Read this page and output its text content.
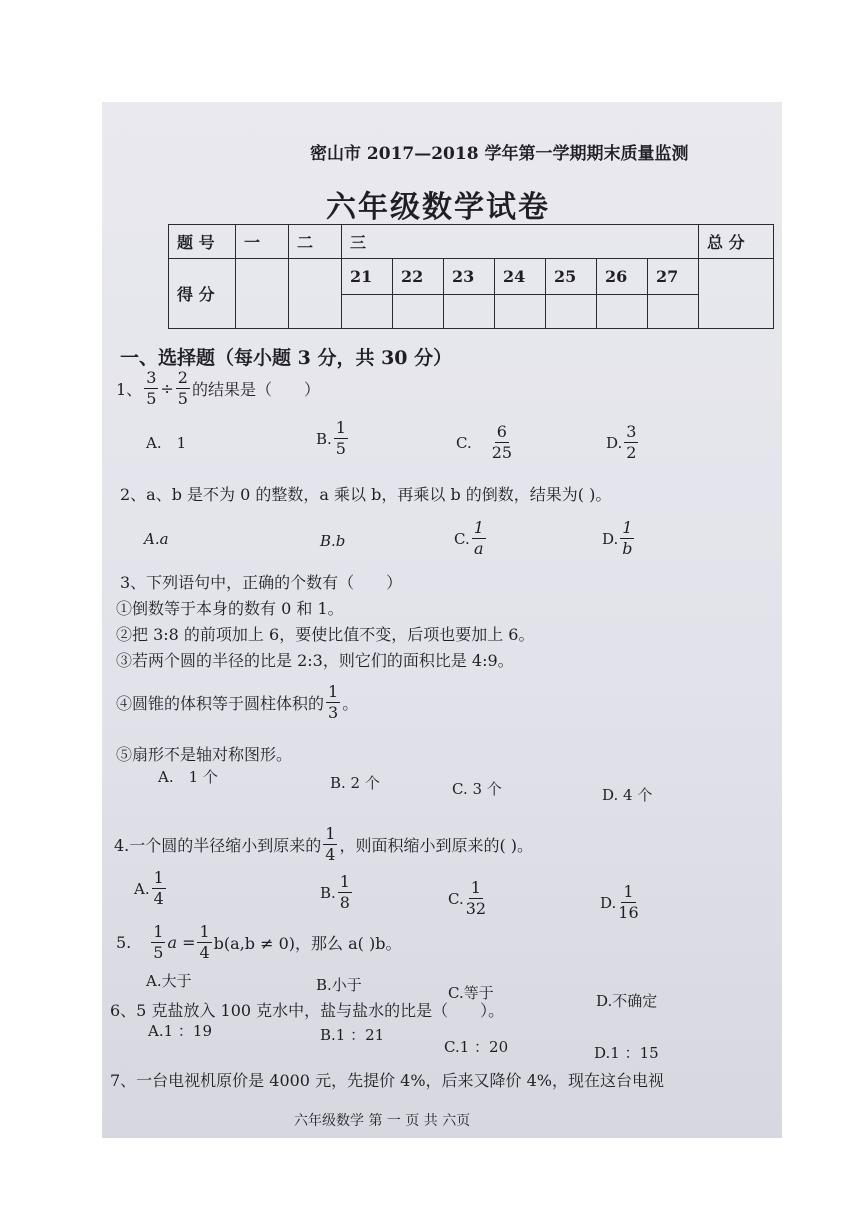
密山市 2017—2018 学年第一学期期末质量监测
六年级数学试卷
题 号	一	二	三							总 分
得 分			21	22	23	24	25	26	27	

一、选择题（每小题 3 分，共 30 分）
1、 $\frac{3}{5} \div \frac{2}{5}$ 的结果是（　　）
A.　1	B. $\frac{1}{5}$	C. $\frac{6}{25}$	D. $\frac{3}{2}$
2、a、b 是不为 0 的整数，a 乘以 b，再乘以 b 的倒数，结果为( )。
A.a	B.b	C. $\frac{1}{a}$	D. $\frac{1}{b}$
3、下列语句中，正确的个数有（　　）
①倒数等于本身的数有 0 和 1。
②把 3:8 的前项加上 6，要使比值不变，后项也要加上 6。
③若两个圆的半径的比是 2:3，则它们的面积比是 4:9。
④圆锥的体积等于圆柱体积的 $\frac{1}{3}$ 。
⑤扇形不是轴对称图形。
A.　1 个	B. 2 个	C. 3 个	D. 4 个
4.一个圆的半径缩小到原来的 $\frac{1}{4}$ ，则面积缩小到原来的( )。
A. $\frac{1}{4}$	B. $\frac{1}{8}$	C. $\frac{1}{32}$	D. $\frac{1}{16}$
5. $\frac{1}{5}$ $a = \frac{1}{4} b(a,b \ne 0)$，那么 a( )b。
A.大于	B.小于	C.等于	D.不确定
6、5 克盐放入 100 克水中，盐与盐水的比是（　　）。
A.1 ：19	B.1 ：21
C.1 ：20	D.1 ：15
7、一台电视机原价是 4000 元，先提价 4%，后来又降价 4%，现在这台电视
六年级数学 第 一 页 共 六页
